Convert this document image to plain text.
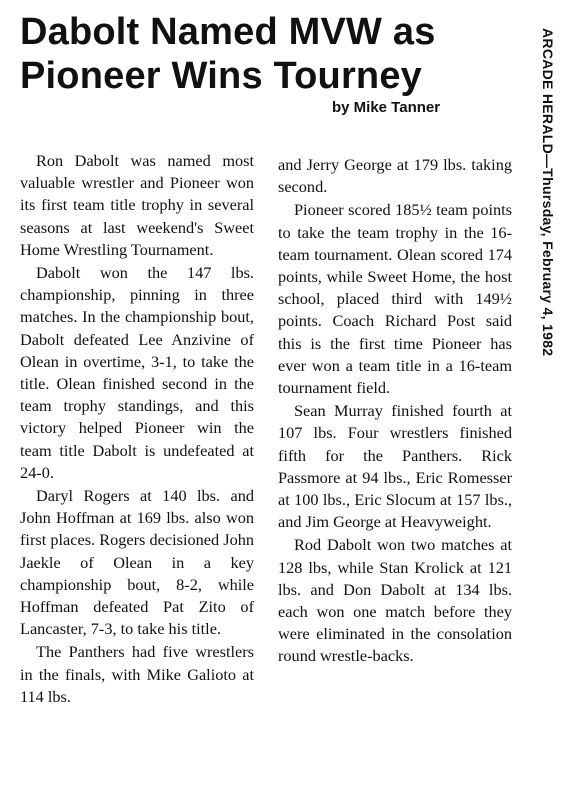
Dabolt Named MVW as
Pioneer Wins Tourney
by Mike Tanner	ARCADE HERALD—Thursday, February 4, 1982

Ron Dabolt was named most valuable wrestler and Pioneer won its first team title trophy in several seasons at last weekend's Sweet Home Wrestling Tournament.

Dabolt won the 147 lbs. championship, pinning in three matches. In the championship bout, Dabolt defeated Lee Anzivine of Olean in overtime, 3-1, to take the title. Olean finished second in the team trophy standings, and this victory helped Pioneer win the team title Dabolt is undefeated at 24-0.

Daryl Rogers at 140 lbs. and John Hoffman at 169 lbs. also won first places. Rogers decisioned John Jaekle of Olean in a key championship bout, 8-2, while Hoffman defeated Pat Zito of Lancaster, 7-3, to take his title.

The Panthers had five wrestlers in the finals, with Mike Galioto at 114 lbs.

and Jerry George at 179 lbs. taking second.

Pioneer scored 185½ team points to take the team trophy in the 16-team tournament. Olean scored 174 points, while Sweet Home, the host school, placed third with 149½ points. Coach Richard Post said this is the first time Pioneer has ever won a team title in a 16-team tournament field.

Sean Murray finished fourth at 107 lbs. Four wrestlers finished fifth for the Panthers. Rick Passmore at 94 lbs., Eric Romesser at 100 lbs., Eric Slocum at 157 lbs., and Jim George at Heavyweight.

Rod Dabolt won two matches at 128 lbs, while Stan Krolick at 121 lbs. and Don Dabolt at 134 lbs. each won one match before they were eliminated in the consolation round wrestle-backs.
